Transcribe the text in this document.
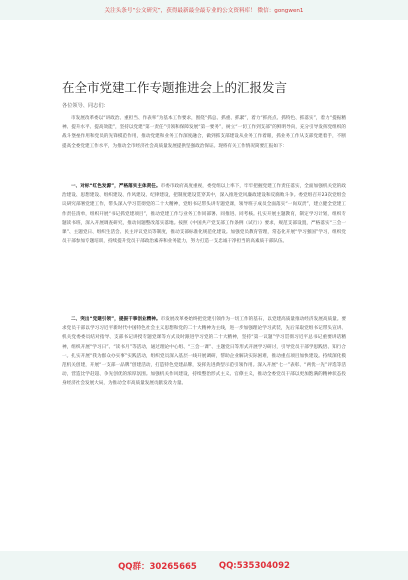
关注头条号“公文研究”，获得最新最全最专业的公文资料库！ 微信：gongwen1
在全市党建工作专题推进会上的汇报发言
各位领导、同志们：

市发展改革委以“讲政治、重担当、作表率”为基本工作要求，围绕“抓总、抓重、抓紧”，着力“抓亮点、抓特色、抓落实”，着力“提振精神、提升水平、提高效能”，坚持以党建“第一责任”引领和保障发展“第一要务”，树立“一切工作到支部”的鲜明导向，充分引导发挥党组织的战斗堡垒作用和党员的先锋模范作用，推动党建和业务工作深度融合，做到抓支部建设从业务工作着眼，抓业务工作从支部党建着手，不断提高全委党建工作水平，为推动全市经济社会高质量发展提供坚强政治保证。现将有关工作情况简要汇报如下：

一、对标“红色发源”，严格落实主体责任。市委市政府高度重视，委党组以上率下，牢牢把握党建工作责任落实，全面加强机关党的政治建设、思想建设、组织建设、作风建设、纪律建设，把制度建设贯穿其中，深入推进党风廉政建设和反腐败斗争。委党组召开23次党组会议研究部署党建工作，带头深入学习贯彻党的二十大精神，党组书记带头讲专题党课，领导班子成员全面落实“一岗双责”，建立健全党建工作责任清单，组织开展“书记抓党建项目”，推动党建工作与业务工作同部署、同推进、同考核。扎实开展主题教育，制定学习计划，组织专题读书班，深入开展调查研究，推动问题整改落实落地。按照《中国共产党支部工作条例（试行）》要求，规范支部设置，严格落实“三会一课”、主题党日、组织生活会、民主评议党员等制度，推动支部标准化规范化建设。加强党员教育管理，常态化开展“学习强国”学习，组织党员干部参加专题培训，持续提升党员干部政治素养和业务能力，努力打造一支忠诚干净担当的高素质干部队伍。

二、突出“党建引领”，提振干事创业精神。市发展改革委始终把党建引领作为一切工作的基石，以党建高质量推动经济发展高质量。要求党员干部以学习习近平新时代中国特色社会主义思想和党的二十大精神为主线，进一步加强理论学习武装，先后采取党组书记带头宣讲、机关党委委员结对指导、支部书记讲授专题党课等方式及时跟进学习党的二十大精神，坚持“第一议题”学习贯彻习近平总书记重要讲话精神，组织开展“学习日”、“读书月”等活动，通过理论中心组、“三会一课”、主题党日等形式开展学习研讨，引导党员干部学思践悟、知行合一。扎实开展“我为群众办实事”实践活动，组织党员深入基层一线开展调研，帮助企业解决实际困难，推动重点项目加快建设。持续深化模范机关创建，开展“一支部一品牌”创建活动，打造特色党建品牌，发挥先进典型示范引领作用。深入开展“七一”表彰、“两优一先”评选等活动，营造比学赶超、争先创优的浓厚氛围。加强机关作风建设，持续整治形式主义、官僚主义，推动全委党员干部以更加饱满的精神状态投身经济社会发展大局，为推动全市高质量发展贡献发改力量。

QQ群：30265665	QQ:535304092
